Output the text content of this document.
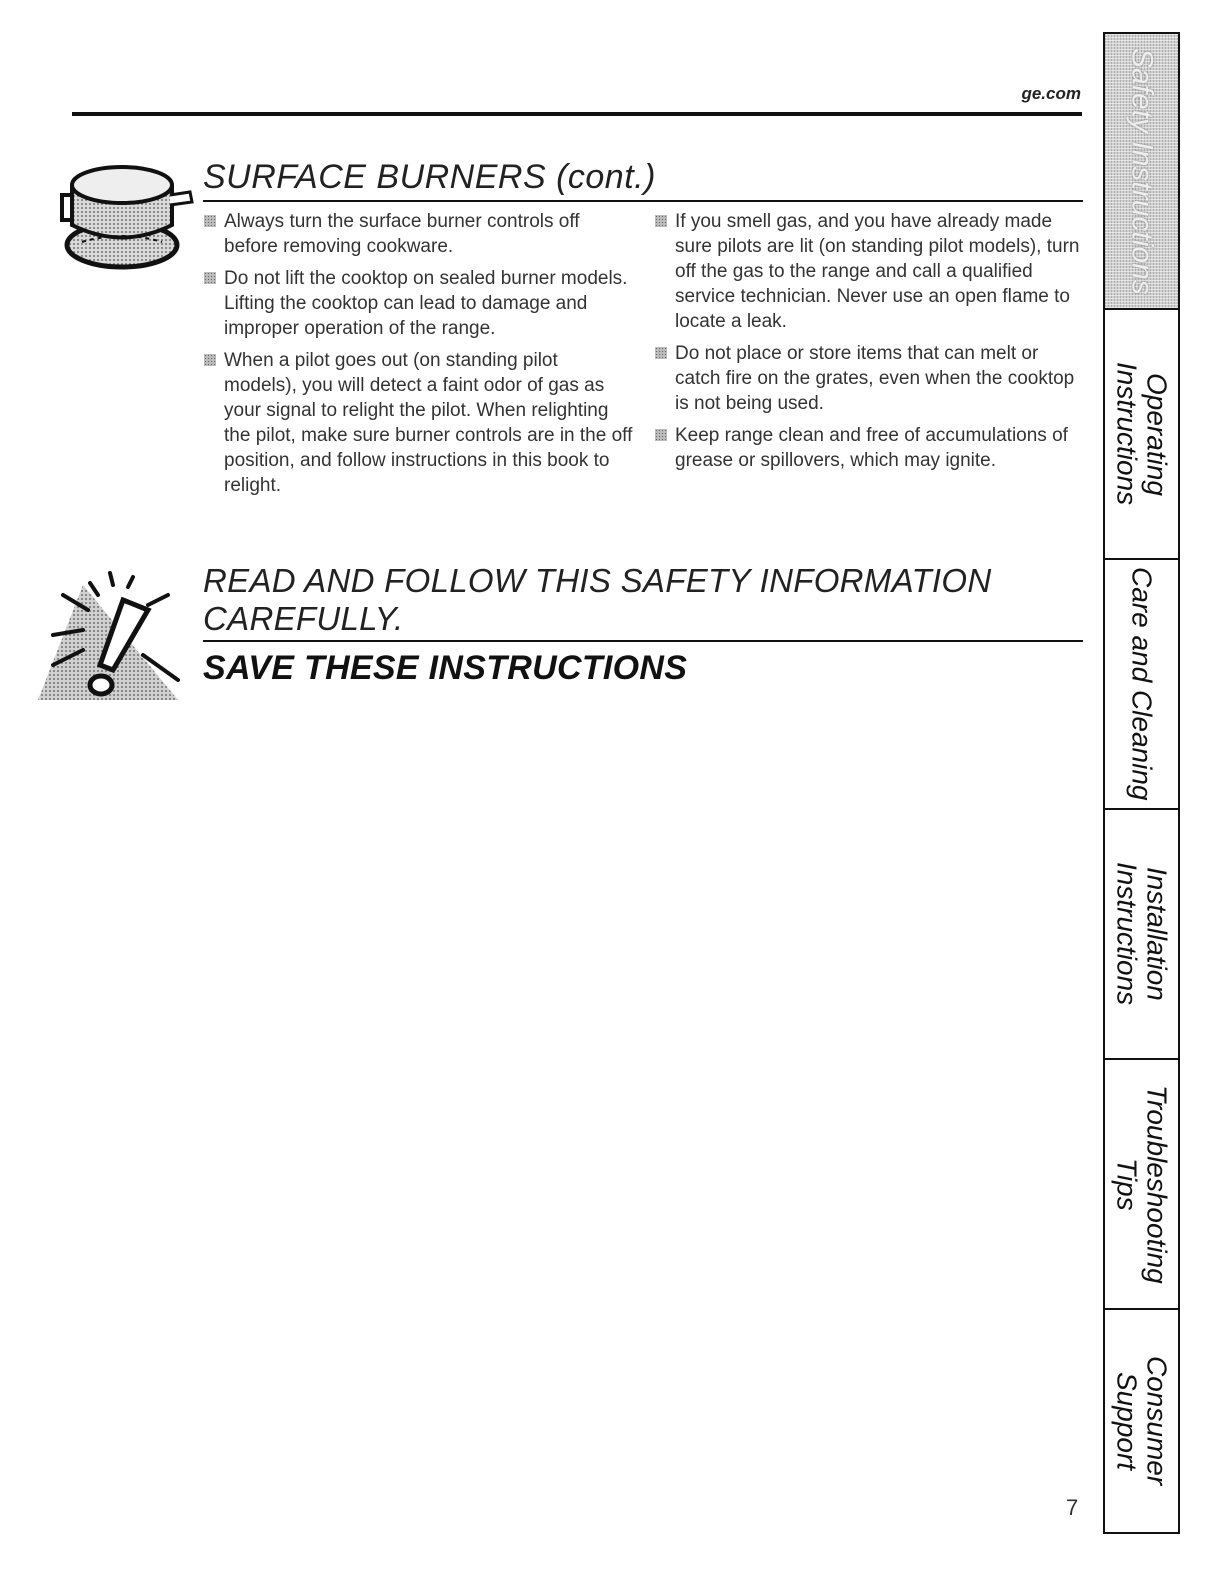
ge.com
SURFACE BURNERS (cont.)
Always turn the surface burner controls off before removing cookware.
Do not lift the cooktop on sealed burner models. Lifting the cooktop can lead to damage and improper operation of the range.
When a pilot goes out (on standing pilot models), you will detect a faint odor of gas as your signal to relight the pilot. When relighting the pilot, make sure burner controls are in the off position, and follow instructions in this book to relight.
If you smell gas, and you have already made sure pilots are lit (on standing pilot models), turn off the gas to the range and call a qualified service technician. Never use an open flame to locate a leak.
Do not place or store items that can melt or catch fire on the grates, even when the cooktop is not being used.
Keep range clean and free of accumulations of grease or spillovers, which may ignite.
READ AND FOLLOW THIS SAFETY INFORMATION CAREFULLY.
SAVE THESE INSTRUCTIONS
7
Safety Instructions
Operating Instructions
Care and Cleaning
Installation Instructions
Troubleshooting Tips
Consumer Support
